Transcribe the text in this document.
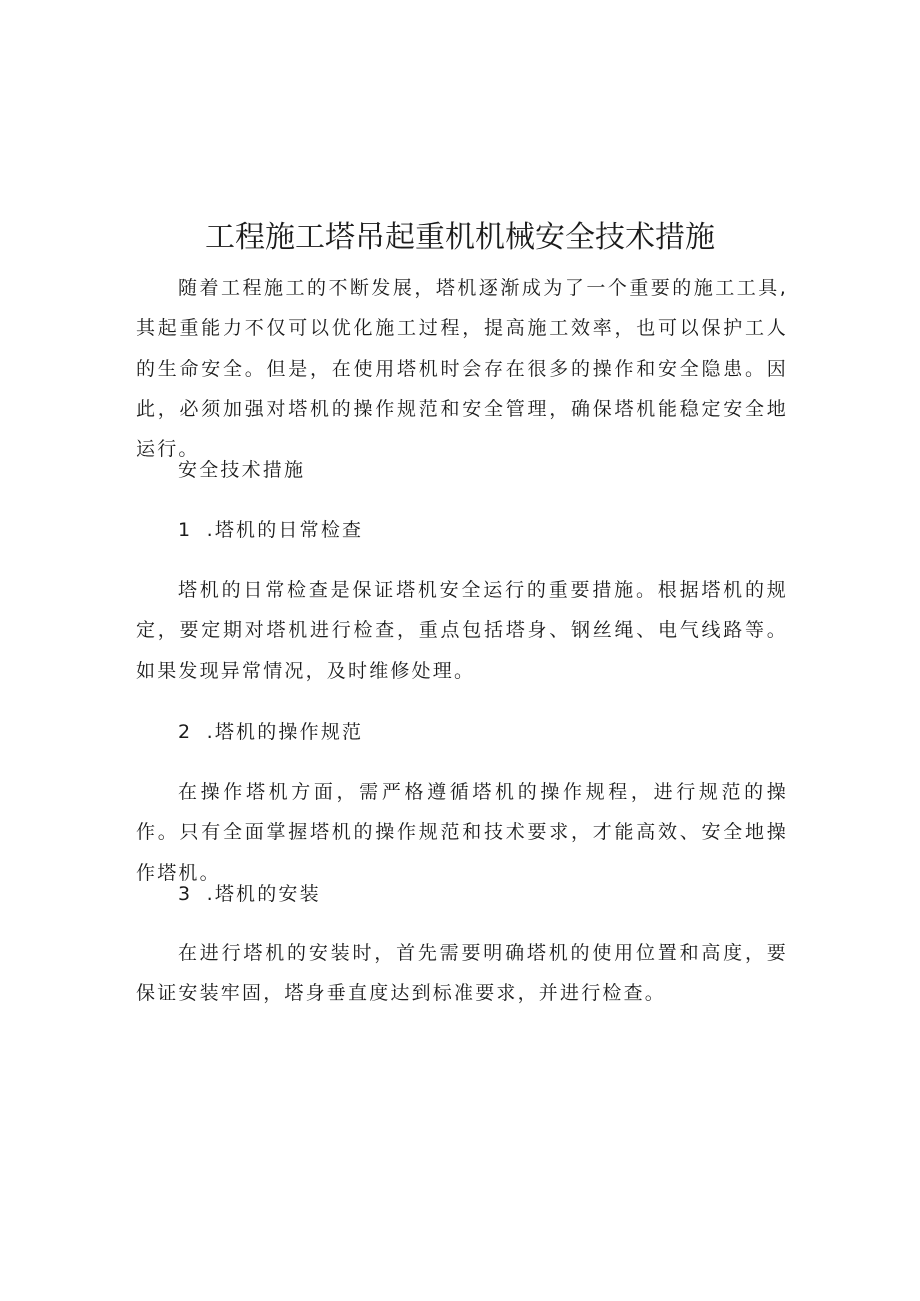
工程施工塔吊起重机机械安全技术措施

随着工程施工的不断发展，塔机逐渐成为了一个重要的施工工具,其起重能力不仅可以优化施工过程，提高施工效率，也可以保护工人的生命安全。但是，在使用塔机时会存在很多的操作和安全隐患。因此，必须加强对塔机的操作规范和安全管理，确保塔机能稳定安全地运行。

安全技术措施

1 .塔机的日常检查

塔机的日常检查是保证塔机安全运行的重要措施。根据塔机的规定，要定期对塔机进行检查，重点包括塔身、钢丝绳、电气线路等。如果发现异常情况，及时维修处理。

2 .塔机的操作规范

在操作塔机方面，需严格遵循塔机的操作规程，进行规范的操作。只有全面掌握塔机的操作规范和技术要求，才能高效、安全地操作塔机。

3 .塔机的安装

在进行塔机的安装时，首先需要明确塔机的使用位置和高度，要保证安装牢固，塔身垂直度达到标准要求，并进行检查。
